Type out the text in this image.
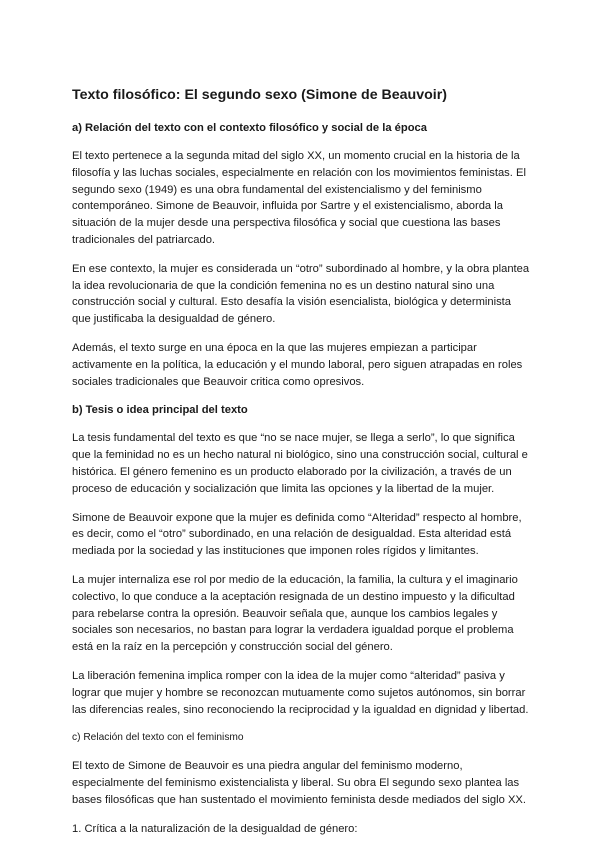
Texto filosófico: El segundo sexo (Simone de Beauvoir)
a) Relación del texto con el contexto filosófico y social de la época

El texto pertenece a la segunda mitad del siglo XX, un momento crucial en la historia de la filosofía y las luchas sociales, especialmente en relación con los movimientos feministas. El segundo sexo (1949) es una obra fundamental del existencialismo y del feminismo contemporáneo. Simone de Beauvoir, influida por Sartre y el existencialismo, aborda la situación de la mujer desde una perspectiva filosófica y social que cuestiona las bases tradicionales del patriarcado.

En ese contexto, la mujer es considerada un “otro” subordinado al hombre, y la obra plantea la idea revolucionaria de que la condición femenina no es un destino natural sino una construcción social y cultural. Esto desafía la visión esencialista, biológica y determinista que justificaba la desigualdad de género.

Además, el texto surge en una época en la que las mujeres empiezan a participar activamente en la política, la educación y el mundo laboral, pero siguen atrapadas en roles sociales tradicionales que Beauvoir critica como opresivos.

b) Tesis o idea principal del texto

La tesis fundamental del texto es que “no se nace mujer, se llega a serlo”, lo que significa que la feminidad no es un hecho natural ni biológico, sino una construcción social, cultural e histórica. El género femenino es un producto elaborado por la civilización, a través de un proceso de educación y socialización que limita las opciones y la libertad de la mujer.

Simone de Beauvoir expone que la mujer es definida como “Alteridad” respecto al hombre, es decir, como el “otro” subordinado, en una relación de desigualdad. Esta alteridad está mediada por la sociedad y las instituciones que imponen roles rígidos y limitantes.

La mujer internaliza ese rol por medio de la educación, la familia, la cultura y el imaginario colectivo, lo que conduce a la aceptación resignada de un destino impuesto y la dificultad para rebelarse contra la opresión. Beauvoir señala que, aunque los cambios legales y sociales son necesarios, no bastan para lograr la verdadera igualdad porque el problema está en la raíz en la percepción y construcción social del género.

La liberación femenina implica romper con la idea de la mujer como “alteridad” pasiva y lograr que mujer y hombre se reconozcan mutuamente como sujetos autónomos, sin borrar las diferencias reales, sino reconociendo la reciprocidad y la igualdad en dignidad y libertad.

c) Relación del texto con el feminismo

El texto de Simone de Beauvoir es una piedra angular del feminismo moderno, especialmente del feminismo existencialista y liberal. Su obra El segundo sexo plantea las bases filosóficas que han sustentado el movimiento feminista desde mediados del siglo XX.

1. Crítica a la naturalización de la desigualdad de género:
